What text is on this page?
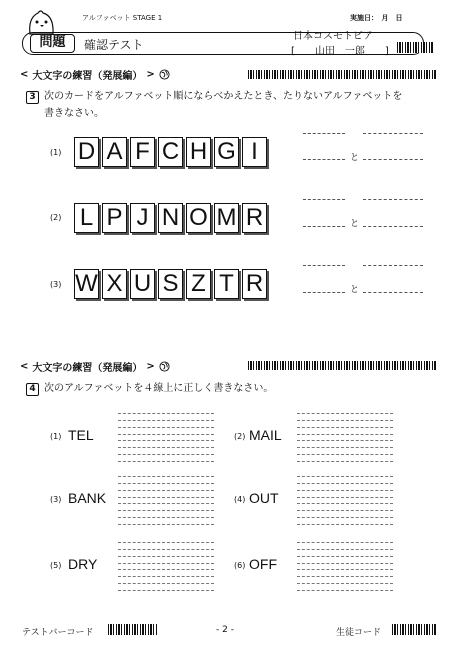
アルファベット STAGE 1	実施日：　月　日
問題	確認テスト
日本コスモトピア
[　　山田　一郎　　]
< 大文字の練習（発展編） >
3 次のカードをアルファベット順にならべかえたとき、たりないアルファベットを
書きなさい。
(1) D A F C H G I	と
(2) L P J N O M R	と
(3) W X U S Z T R	と
< 大文字の練習（発展編） >
4 次のアルファベットを４線上に正しく書きなさい。
(1) TEL	(2) MAIL
(3) BANK	(4) OUT
(5) DRY	(6) OFF
テストバーコード	- 2 -	生徒コード
